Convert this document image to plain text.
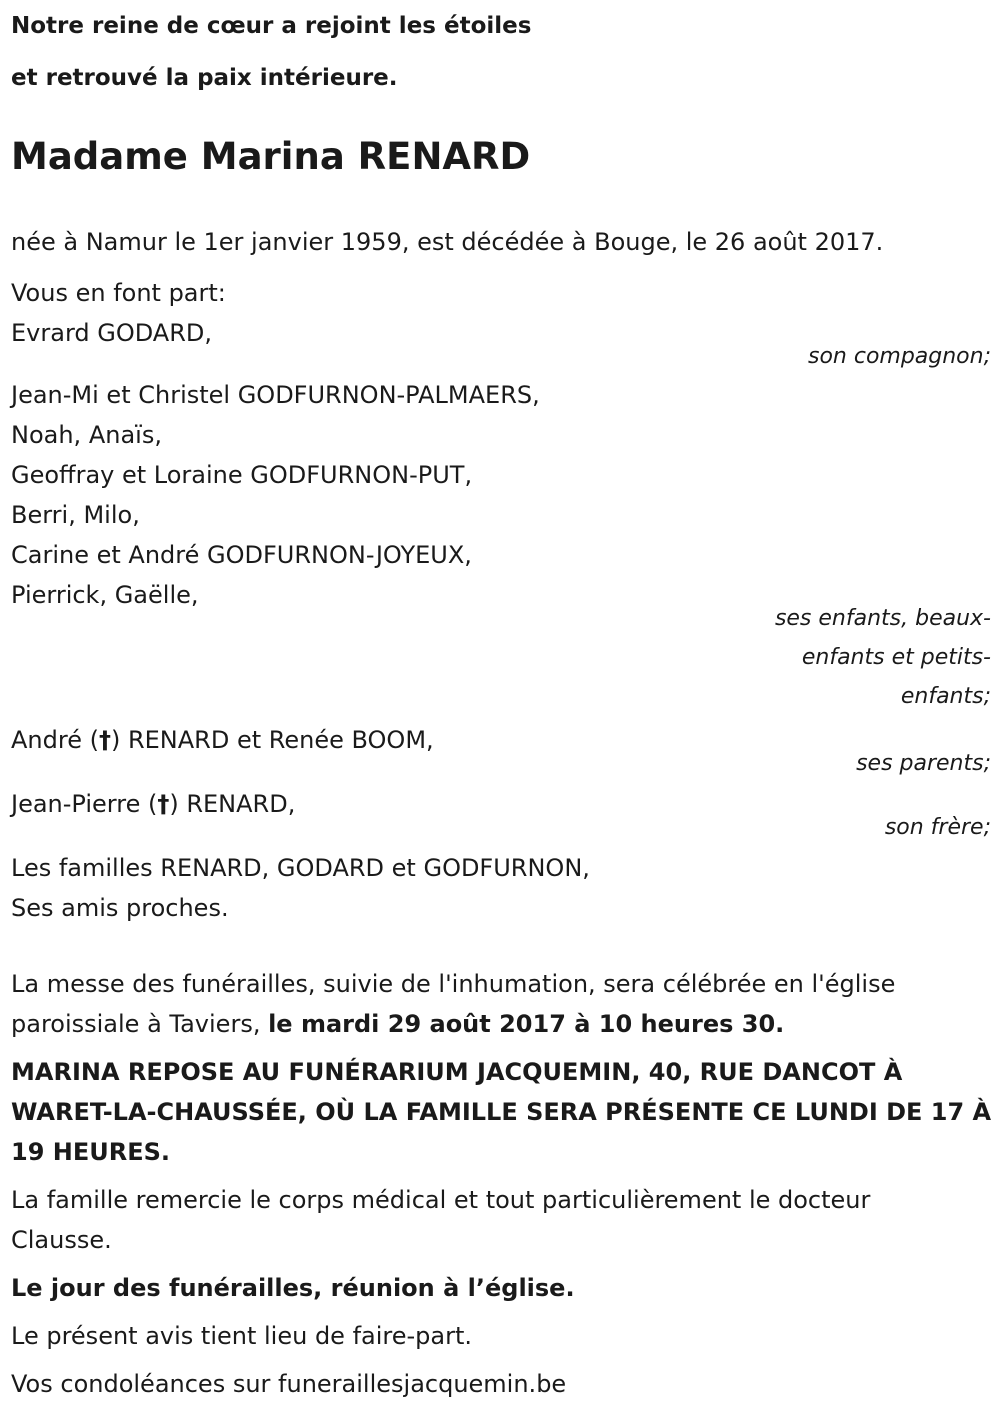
Notre reine de cœur a rejoint les étoiles

et retrouvé la paix intérieure.

Madame Marina RENARD
née à Namur le 1er janvier 1959, est décédée à Bouge, le 26 août 2017.
Vous en font part:
Evrard GODARD,
son compagnon;
Jean-Mi et Christel GODFURNON-PALMAERS,
Noah, Anaïs,
Geoffray et Loraine GODFURNON-PUT,
Berri, Milo,
Carine et André GODFURNON-JOYEUX,
Pierrick, Gaëlle,
ses enfants, beaux-enfants et petits-enfants;
André (†) RENARD et Renée BOOM,
ses parents;
Jean-Pierre (†) RENARD,
son frère;
Les familles RENARD, GODARD et GODFURNON,
Ses amis proches.

La messe des funérailles, suivie de l'inhumation, sera célébrée en l'église
paroissiale à Taviers, le mardi 29 août 2017 à 10 heures 30.

MARINA REPOSE AU FUNÉRARIUM JACQUEMIN, 40, RUE DANCOT À
WARET-LA-CHAUSSÉE, OÙ LA FAMILLE SERA PRÉSENTE CE LUNDI DE 17 À
19 HEURES.

La famille remercie le corps médical et tout particulièrement le docteur
Clausse.

Le jour des funérailles, réunion à l’église.

Le présent avis tient lieu de faire-part.

Vos condoléances sur funeraillesjacquemin.be
